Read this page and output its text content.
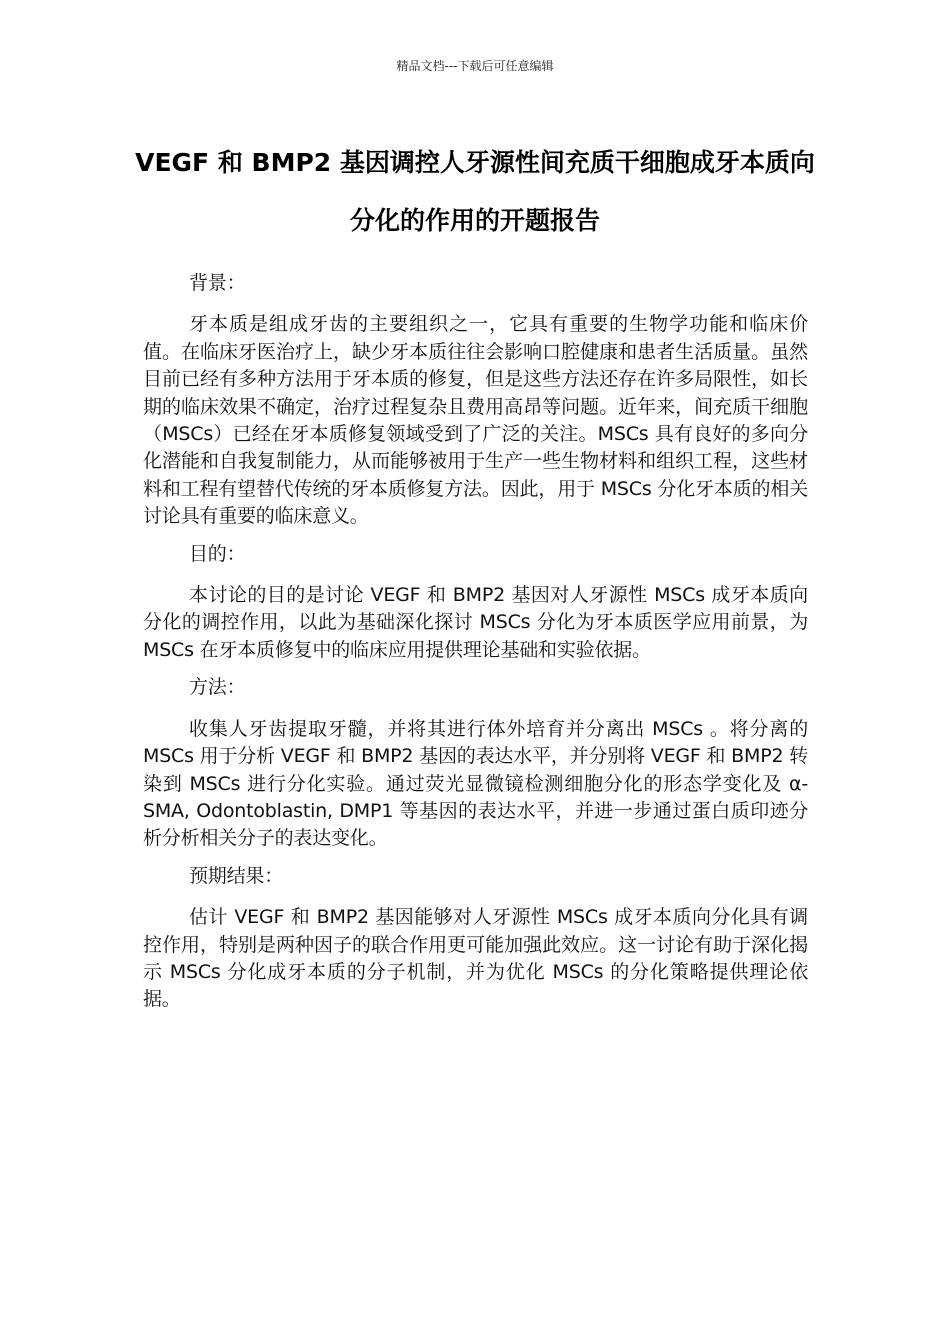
精品文档---下载后可任意编辑
VEGF 和 BMP2 基因调控人牙源性间充质干细胞成牙本质向分化的作用的开题报告

背景：

牙本质是组成牙齿的主要组织之一，它具有重要的生物学功能和临床价值。在临床牙医治疗上，缺少牙本质往往会影响口腔健康和患者生活质量。虽然目前已经有多种方法用于牙本质的修复，但是这些方法还存在许多局限性，如长期的临床效果不确定，治疗过程复杂且费用高昂等问题。近年来，间充质干细胞（MSCs）已经在牙本质修复领域受到了广泛的关注。MSCs 具有良好的多向分化潜能和自我复制能力，从而能够被用于生产一些生物材料和组织工程，这些材料和工程有望替代传统的牙本质修复方法。因此，用于 MSCs 分化牙本质的相关讨论具有重要的临床意义。

目的：

本讨论的目的是讨论 VEGF 和 BMP2 基因对人牙源性 MSCs 成牙本质向分化的调控作用，以此为基础深化探讨 MSCs 分化为牙本质医学应用前景，为 MSCs 在牙本质修复中的临床应用提供理论基础和实验依据。

方法：

收集人牙齿提取牙髓，并将其进行体外培育并分离出 MSCs 。将分离的 MSCs 用于分析 VEGF 和 BMP2 基因的表达水平，并分别将 VEGF 和 BMP2 转染到 MSCs 进行分化实验。通过荧光显微镜检测细胞分化的形态学变化及 α-SMA, Odontoblastin, DMP1 等基因的表达水平，并进一步通过蛋白质印迹分析分析相关分子的表达变化。

预期结果：

估计 VEGF 和 BMP2 基因能够对人牙源性 MSCs 成牙本质向分化具有调控作用，特别是两种因子的联合作用更可能加强此效应。这一讨论有助于深化揭示 MSCs 分化成牙本质的分子机制，并为优化 MSCs 的分化策略提供理论依据。
